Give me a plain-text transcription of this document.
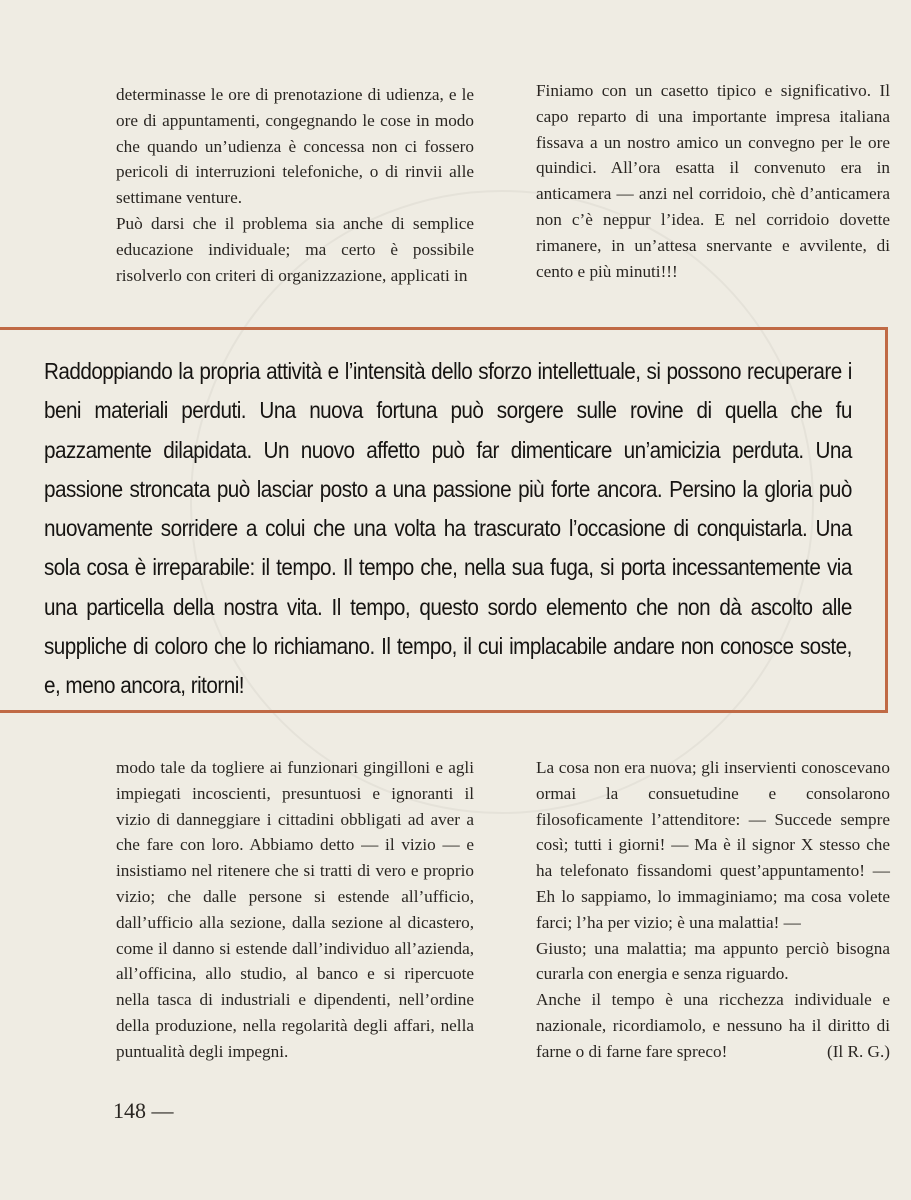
determinasse le ore di prenotazione di udienza, e le ore di appuntamenti, congegnando le cose in modo che quando un’udienza è concessa non ci fossero pericoli di interruzioni telefoniche, o di rinvii alle settimane venture.

Può darsi che il problema sia anche di semplice educazione individuale; ma certo è possibile risolverlo con criteri di organizzazione, applicati in

Finiamo con un casetto tipico e significativo. Il capo reparto di una importante impresa italiana fissava a un nostro amico un convegno per le ore quindici. All’ora esatta il convenuto era in anticamera — anzi nel corridoio, chè d’anticamera non c’è neppur l’idea. E nel corridoio dovette rimanere, in un’attesa snervante e avvilente, di cento e più minuti!!!

Raddoppiando la propria attività e l’intensità dello sforzo intellettuale, si possono recuperare i beni materiali perduti. Una nuova fortuna può sorgere sulle rovine di quella che fu pazzamente dilapidata. Un nuovo affetto può far dimenticare un’amicizia perduta. Una passione stroncata può lasciar posto a una passione più forte ancora. Persino la gloria può nuovamente sorridere a colui che una volta ha trascurato l’occasione di conquistarla. Una sola cosa è irreparabile: il tempo. Il tempo che, nella sua fuga, si porta incessantemente via una particella della nostra vita. Il tempo, questo sordo elemento che non dà ascolto alle suppliche di coloro che lo richiamano. Il tempo, il cui implacabile andare non conosce soste, e, meno ancora, ritorni!

modo tale da togliere ai funzionari gingilloni e agli impiegati incoscienti, presuntuosi e ignoranti il vizio di danneggiare i cittadini obbligati ad aver a che fare con loro. Abbiamo detto — il vizio — e insistiamo nel ritenere che si tratti di vero e proprio vizio; che dalle persone si estende all’ufficio, dall’ufficio alla sezione, dalla sezione al dicastero, come il danno si estende dall’individuo all’azienda, all’officina, allo studio, al banco e si ripercuote nella tasca di industriali e dipendenti, nell’ordine della produzione, nella regolarità degli affari, nella puntualità degli impegni.

La cosa non era nuova; gli inservienti conoscevano ormai la consuetudine e consolarono filosoficamente l’attenditore: — Succede sempre così; tutti i giorni! — Ma è il signor X stesso che ha telefonato fissandomi quest’appuntamento! — Eh lo sappiamo, lo immaginiamo; ma cosa volete farci; l’ha per vizio; è una malattia! —

Giusto; una malattia; ma appunto perciò bisogna curarla con energia e senza riguardo.

Anche il tempo è una ricchezza individuale e nazionale, ricordiamolo, e nessuno ha il diritto di farne o di farne fare spreco!	(Il R. G.)

148 —
